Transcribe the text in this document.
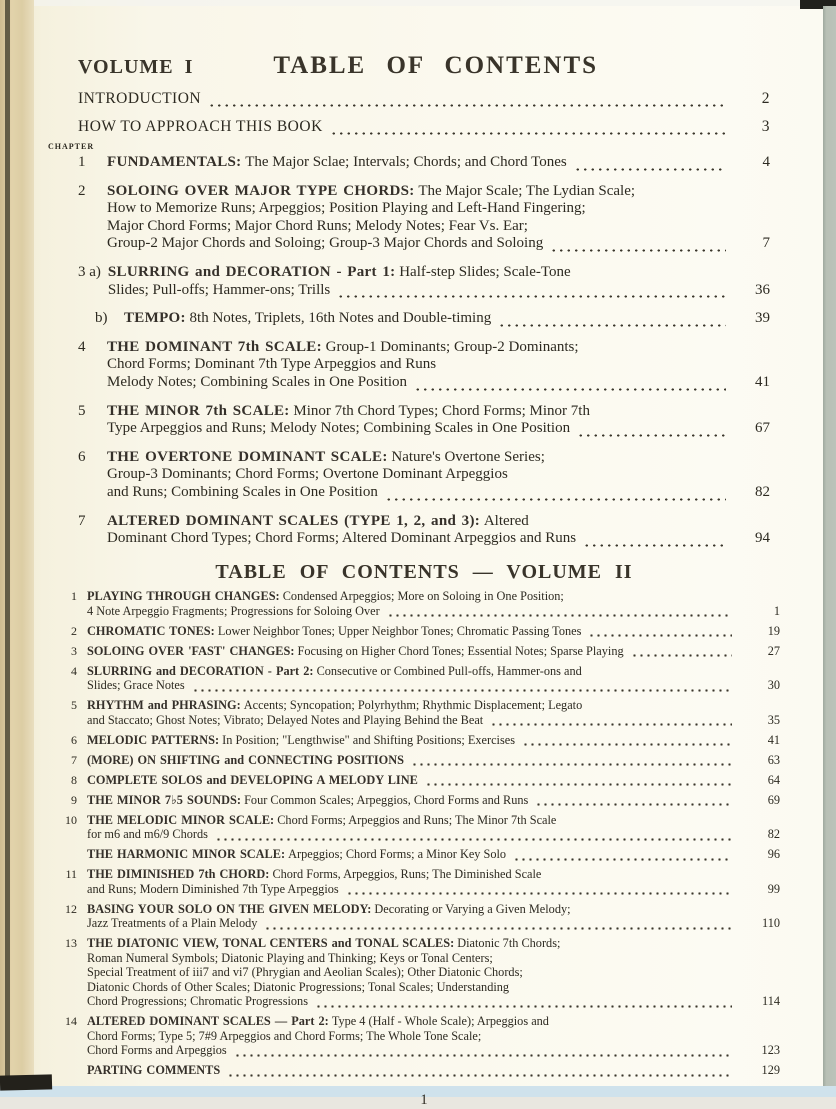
VOLUME I	TABLE OF CONTENTS
INTRODUCTION	2
HOW TO APPROACH THIS BOOK	3
CHAPTER
1	FUNDAMENTALS: The Major Sclae; Intervals; Chords; and Chord Tones	4
2	SOLOING OVER MAJOR TYPE CHORDS: The Major Scale; The Lydian Scale;
How to Memorize Runs; Arpeggios; Position Playing and Left-Hand Fingering;
Major Chord Forms; Major Chord Runs; Melody Notes; Fear Vs. Ear;
Group-2 Major Chords and Soloing; Group-3 Major Chords and Soloing	7
3 a) SLURRING and DECORATION - Part 1: Half-step Slides; Scale-Tone
Slides; Pull-offs; Hammer-ons; Trills	36
b)	TEMPO: 8th Notes, Triplets, 16th Notes and Double-timing	39
4	THE DOMINANT 7th SCALE: Group-1 Dominants; Group-2 Dominants;
Chord Forms; Dominant 7th Type Arpeggios and Runs
Melody Notes; Combining Scales in One Position	41
5	THE MINOR 7th SCALE: Minor 7th Chord Types; Chord Forms; Minor 7th
Type Arpeggios and Runs; Melody Notes; Combining Scales in One Position	67
6	THE OVERTONE DOMINANT SCALE: Nature's Overtone Series;
Group-3 Dominants; Chord Forms; Overtone Dominant Arpeggios
and Runs; Combining Scales in One Position	82
7	ALTERED DOMINANT SCALES (TYPE 1, 2, and 3): Altered
Dominant Chord Types; Chord Forms; Altered Dominant Arpeggios and Runs	94
TABLE OF CONTENTS — VOLUME II
1 PLAYING THROUGH CHANGES: Condensed Arpeggios; More on Soloing in One Position;
4 Note Arpeggio Fragments; Progressions for Soloing Over	1
2 CHROMATIC TONES: Lower Neighbor Tones; Upper Neighbor Tones; Chromatic Passing Tones	19
3 SOLOING OVER 'FAST' CHANGES: Focusing on Higher Chord Tones; Essential Notes; Sparse Playing	27
4 SLURRING and DECORATION - Part 2: Consecutive or Combined Pull-offs, Hammer-ons and
Slides; Grace Notes	30
5 RHYTHM and PHRASING: Accents; Syncopation; Polyrhythm; Rhythmic Displacement; Legato
and Staccato; Ghost Notes; Vibrato; Delayed Notes and Playing Behind the Beat	35
6 MELODIC PATTERNS: In Position; "Lengthwise" and Shifting Positions; Exercises	41
7 (MORE) ON SHIFTING and CONNECTING POSITIONS	63
8 COMPLETE SOLOS and DEVELOPING A MELODY LINE	64
9 THE MINOR 7♭5 SOUNDS: Four Common Scales; Arpeggios, Chord Forms and Runs	69
10 THE MELODIC MINOR SCALE: Chord Forms; Arpeggios and Runs; The Minor 7th Scale
for m6 and m6/9 Chords	82
THE HARMONIC MINOR SCALE: Arpeggios; Chord Forms; a Minor Key Solo	96
11 THE DIMINISHED 7th CHORD: Chord Forms, Arpeggios, Runs; The Diminished Scale
and Runs; Modern Diminished 7th Type Arpeggios	99
12 BASING YOUR SOLO ON THE GIVEN MELODY: Decorating or Varying a Given Melody;
Jazz Treatments of a Plain Melody	110
13 THE DIATONIC VIEW, TONAL CENTERS and TONAL SCALES: Diatonic 7th Chords;
Roman Numeral Symbols; Diatonic Playing and Thinking; Keys or Tonal Centers;
Special Treatment of iii7 and vi7 (Phrygian and Aeolian Scales); Other Diatonic Chords;
Diatonic Chords of Other Scales; Diatonic Progressions; Tonal Scales; Understanding
Chord Progressions; Chromatic Progressions	114
14 ALTERED DOMINANT SCALES — Part 2: Type 4 (Half - Whole Scale); Arpeggios and
Chord Forms; Type 5; 7#9 Arpeggios and Chord Forms; The Whole Tone Scale;
Chord Forms and Arpeggios	123
PARTING COMMENTS	129
1
